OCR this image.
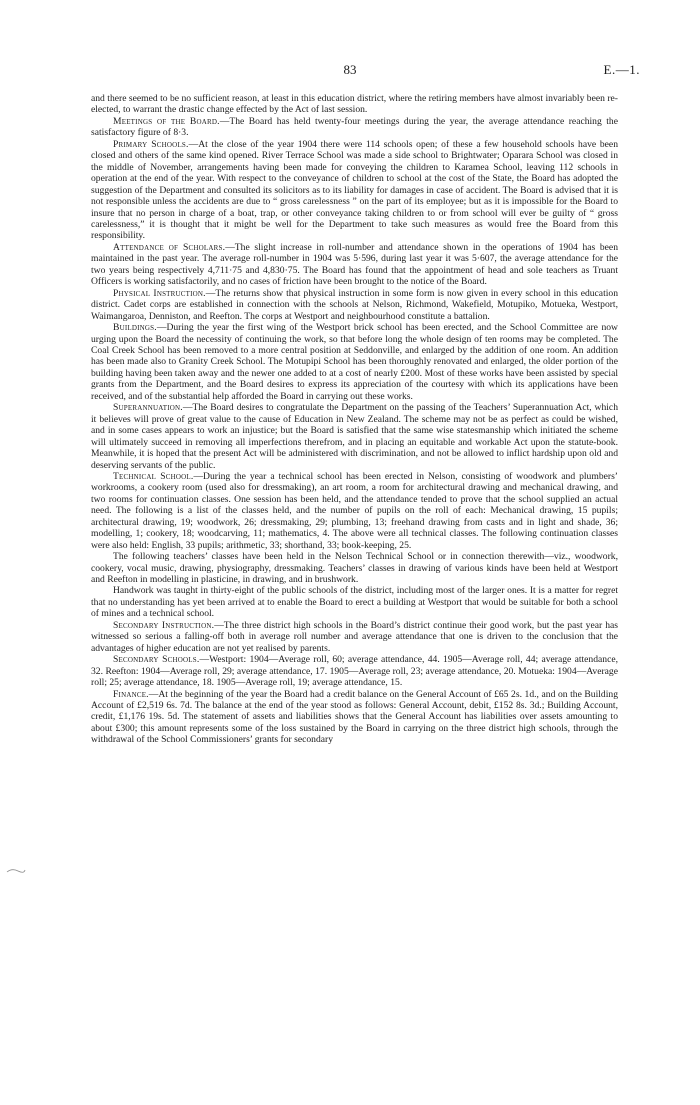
83	E.—1.

and there seemed to be no sufficient reason, at least in this education district, where the retiring members have almost invariably been re-elected, to warrant the drastic change effected by the Act of last session.

Meetings of the Board.—The Board has held twenty-four meetings during the year, the average attendance reaching the satisfactory figure of 8·3.

Primary Schools.—At the close of the year 1904 there were 114 schools open; of these a few household schools have been closed and others of the same kind opened. River Terrace School was made a side school to Brightwater; Oparara School was closed in the middle of November, arrangements having been made for conveying the children to Karamea School, leaving 112 schools in operation at the end of the year. With respect to the conveyance of children to school at the cost of the State, the Board has adopted the suggestion of the Department and consulted its solicitors as to its liability for damages in case of accident. The Board is advised that it is not responsible unless the accidents are due to “ gross carelessness ” on the part of its employee; but as it is impossible for the Board to insure that no person in charge of a boat, trap, or other conveyance taking children to or from school will ever be guilty of “ gross carelessness,” it is thought that it might be well for the Department to take such measures as would free the Board from this responsibility.

Attendance of Scholars.—The slight increase in roll-number and attendance shown in the operations of 1904 has been maintained in the past year. The average roll-number in 1904 was 5·596, during last year it was 5·607, the average attendance for the two years being respectively 4,711·75 and 4,830·75. The Board has found that the appointment of head and sole teachers as Truant Officers is working satisfactorily, and no cases of friction have been brought to the notice of the Board.

Physical Instruction.—The returns show that physical instruction in some form is now given in every school in this education district. Cadet corps are established in connection with the schools at Nelson, Richmond, Wakefield, Motupiko, Motueka, Westport, Waimangaroa, Denniston, and Reefton. The corps at Westport and neighbourhood constitute a battalion.

Buildings.—During the year the first wing of the Westport brick school has been erected, and the School Committee are now urging upon the Board the necessity of continuing the work, so that before long the whole design of ten rooms may be completed. The Coal Creek School has been removed to a more central position at Seddonville, and enlarged by the addition of one room. An addition has been made also to Granity Creek School. The Motupipi School has been thoroughly renovated and enlarged, the older portion of the building having been taken away and the newer one added to at a cost of nearly £200. Most of these works have been assisted by special grants from the Department, and the Board desires to express its appreciation of the courtesy with which its applications have been received, and of the substantial help afforded the Board in carrying out these works.

Superannuation.—The Board desires to congratulate the Department on the passing of the Teachers’ Superannuation Act, which it believes will prove of great value to the cause of Education in New Zealand. The scheme may not be as perfect as could be wished, and in some cases appears to work an injustice; but the Board is satisfied that the same wise statesmanship which initiated the scheme will ultimately succeed in removing all imperfections therefrom, and in placing an equitable and workable Act upon the statute-book. Meanwhile, it is hoped that the present Act will be administered with discrimination, and not be allowed to inflict hardship upon old and deserving servants of the public.

Technical School.—During the year a technical school has been erected in Nelson, consisting of woodwork and plumbers’ workrooms, a cookery room (used also for dressmaking), an art room, a room for architectural drawing and mechanical drawing, and two rooms for continuation classes. One session has been held, and the attendance tended to prove that the school supplied an actual need. The following is a list of the classes held, and the number of pupils on the roll of each: Mechanical drawing, 15 pupils; architectural drawing, 19; woodwork, 26; dressmaking, 29; plumbing, 13; freehand drawing from casts and in light and shade, 36; modelling, 1; cookery, 18; woodcarving, 11; mathematics, 4. The above were all technical classes. The following continuation classes were also held: English, 33 pupils; arithmetic, 33; shorthand, 33; book-keeping, 25.

The following teachers’ classes have been held in the Nelson Technical School or in connection therewith—viz., woodwork, cookery, vocal music, drawing, physiography, dressmaking. Teachers’ classes in drawing of various kinds have been held at Westport and Reefton in modelling in plasticine, in drawing, and in brushwork.

Handwork was taught in thirty-eight of the public schools of the district, including most of the larger ones. It is a matter for regret that no understanding has yet been arrived at to enable the Board to erect a building at Westport that would be suitable for both a school of mines and a technical school.

Secondary Instruction.—The three district high schools in the Board’s district continue their good work, but the past year has witnessed so serious a falling-off both in average roll number and average attendance that one is driven to the conclusion that the advantages of higher education are not yet realised by parents.

Secondary Schools.—Westport: 1904—Average roll, 60; average attendance, 44. 1905—Average roll, 44; average attendance, 32. Reefton: 1904—Average roll, 29; average attendance, 17. 1905—Average roll, 23; average attendance, 20. Motueka: 1904—Average roll; 25; average attendance, 18. 1905—Average roll, 19; average attendance, 15.

Finance.—At the beginning of the year the Board had a credit balance on the General Account of £65 2s. 1d., and on the Building Account of £2,519 6s. 7d. The balance at the end of the year stood as follows: General Account, debit, £152 8s. 3d.; Building Account, credit, £1,176 19s. 5d. The statement of assets and liabilities shows that the General Account has liabilities over assets amounting to about £300; this amount represents some of the loss sustained by the Board in carrying on the three district high schools, through the withdrawal of the School Commissioners’ grants for secondary
